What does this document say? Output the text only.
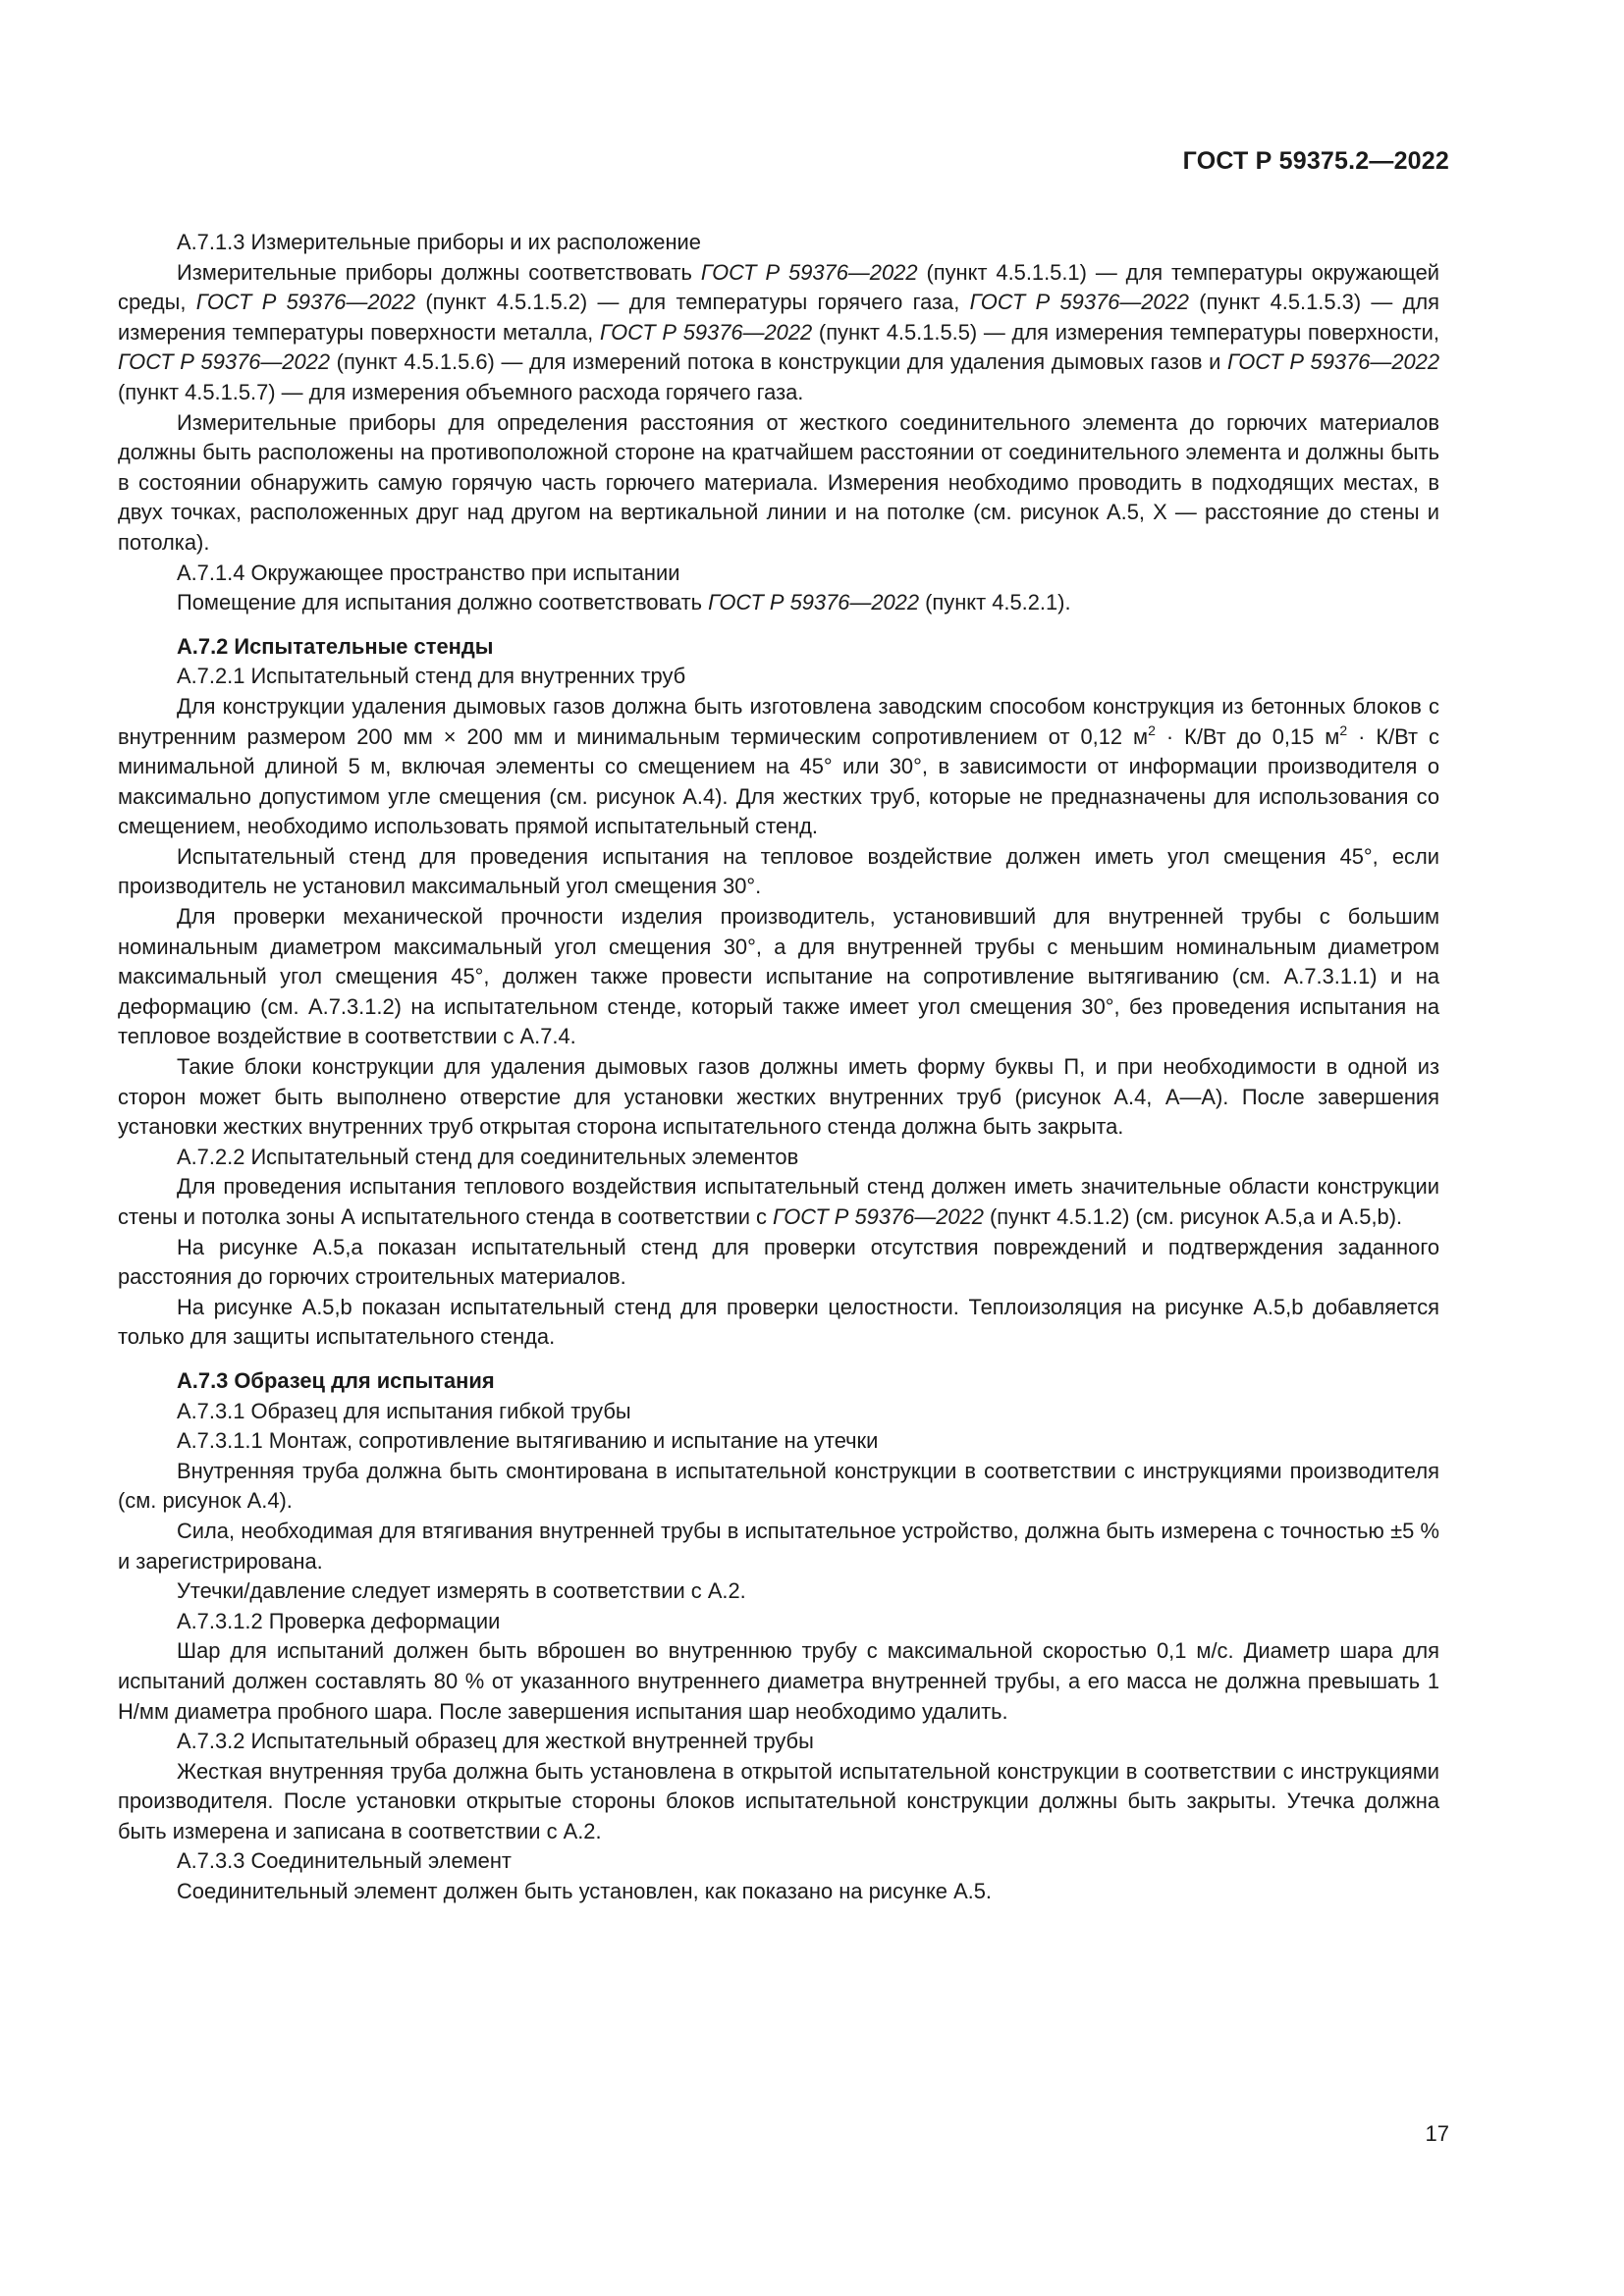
ГОСТ Р 59375.2—2022

А.7.1.3 Измерительные приборы и их расположение

Измерительные приборы должны соответствовать ГОСТ Р 59376—2022 (пункт 4.5.1.5.1) — для температуры окружающей среды, ГОСТ Р 59376—2022 (пункт 4.5.1.5.2) — для температуры горячего газа, ГОСТ Р 59376—2022 (пункт 4.5.1.5.3) — для измерения температуры поверхности металла, ГОСТ Р 59376—2022 (пункт 4.5.1.5.5) — для измерения температуры поверхности, ГОСТ Р 59376—2022 (пункт 4.5.1.5.6) — для измерений потока в конструкции для удаления дымовых газов и ГОСТ Р 59376—2022 (пункт 4.5.1.5.7) — для измерения объемного расхода горячего газа.

Измерительные приборы для определения расстояния от жесткого соединительного элемента до горючих материалов должны быть расположены на противоположной стороне на кратчайшем расстоянии от соединительного элемента и должны быть в состоянии обнаружить самую горячую часть горючего материала. Измерения необходимо проводить в подходящих местах, в двух точках, расположенных друг над другом на вертикальной линии и на потолке (см. рисунок А.5, X — расстояние до стены и потолка).

А.7.1.4 Окружающее пространство при испытании

Помещение для испытания должно соответствовать ГОСТ Р 59376—2022 (пункт 4.5.2.1).

А.7.2 Испытательные стенды

А.7.2.1 Испытательный стенд для внутренних труб

Для конструкции удаления дымовых газов должна быть изготовлена заводским способом конструкция из бетонных блоков с внутренним размером 200 мм × 200 мм и минимальным термическим сопротивлением от 0,12 $м^2 \cdot К/Вт$ до 0,15 $м^2 \cdot К/Вт$ с минимальной длиной 5 м, включая элементы со смещением на 45° или 30°, в зависимости от информации производителя о максимально допустимом угле смещения (см. рисунок А.4). Для жестких труб, которые не предназначены для использования со смещением, необходимо использовать прямой испытательный стенд.

Испытательный стенд для проведения испытания на тепловое воздействие должен иметь угол смещения 45°, если производитель не установил максимальный угол смещения 30°.

Для проверки механической прочности изделия производитель, установивший для внутренней трубы с большим номинальным диаметром максимальный угол смещения 30°, а для внутренней трубы с меньшим номинальным диаметром максимальный угол смещения 45°, должен также провести испытание на сопротивление вытягиванию (см. А.7.3.1.1) и на деформацию (см. А.7.3.1.2) на испытательном стенде, который также имеет угол смещения 30°, без проведения испытания на тепловое воздействие в соответствии с А.7.4.

Такие блоки конструкции для удаления дымовых газов должны иметь форму буквы П, и при необходимости в одной из сторон может быть выполнено отверстие для установки жестких внутренних труб (рисунок А.4, А—А). После завершения установки жестких внутренних труб открытая сторона испытательного стенда должна быть закрыта.

А.7.2.2 Испытательный стенд для соединительных элементов

Для проведения испытания теплового воздействия испытательный стенд должен иметь значительные области конструкции стены и потолка зоны А испытательного стенда в соответствии с ГОСТ Р 59376—2022 (пункт 4.5.1.2) (см. рисунок А.5,a и А.5,b).

На рисунке А.5,a показан испытательный стенд для проверки отсутствия повреждений и подтверждения заданного расстояния до горючих строительных материалов.

На рисунке А.5,b показан испытательный стенд для проверки целостности. Теплоизоляция на рисунке А.5,b добавляется только для защиты испытательного стенда.

А.7.3 Образец для испытания

А.7.3.1 Образец для испытания гибкой трубы

А.7.3.1.1 Монтаж, сопротивление вытягиванию и испытание на утечки

Внутренняя труба должна быть смонтирована в испытательной конструкции в соответствии с инструкциями производителя (см. рисунок А.4).

Сила, необходимая для втягивания внутренней трубы в испытательное устройство, должна быть измерена с точностью ±5 % и зарегистрирована.

Утечки/давление следует измерять в соответствии с А.2.

А.7.3.1.2 Проверка деформации

Шар для испытаний должен быть вброшен во внутреннюю трубу с максимальной скоростью 0,1 м/с. Диаметр шара для испытаний должен составлять 80 % от указанного внутреннего диаметра внутренней трубы, а его масса не должна превышать 1 Н/мм диаметра пробного шара. После завершения испытания шар необходимо удалить.

А.7.3.2 Испытательный образец для жесткой внутренней трубы

Жесткая внутренняя труба должна быть установлена в открытой испытательной конструкции в соответствии с инструкциями производителя. После установки открытые стороны блоков испытательной конструкции должны быть закрыты. Утечка должна быть измерена и записана в соответствии с А.2.

А.7.3.3 Соединительный элемент

Соединительный элемент должен быть установлен, как показано на рисунке А.5.

17
